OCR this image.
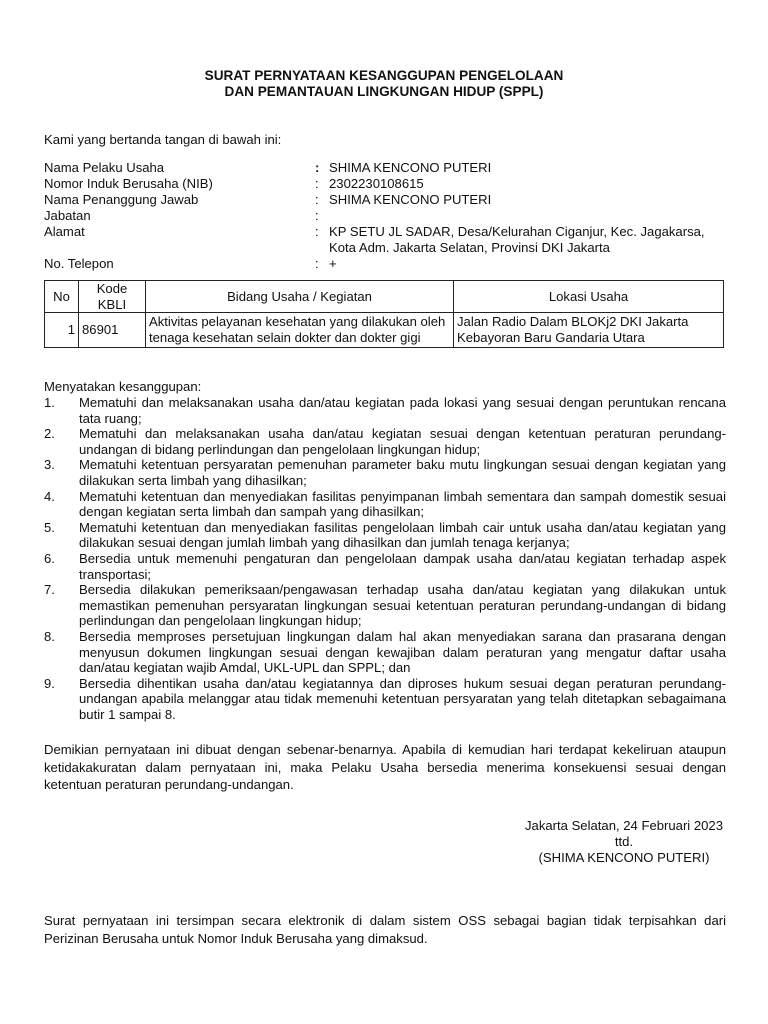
SURAT PERNYATAAN KESANGGUPAN PENGELOLAAN
DAN PEMANTAUAN LINGKUNGAN HIDUP (SPPL)
Kami yang bertanda tangan di bawah ini:
Nama Pelaku Usaha	: SHIMA KENCONO PUTERI
Nomor Induk Berusaha (NIB)	: 2302230108615
Nama Penanggung Jawab	: SHIMA KENCONO PUTERI
Jabatan	:
Alamat	: KP SETU JL SADAR, Desa/Kelurahan Ciganjur, Kec. Jagakarsa, Kota Adm. Jakarta Selatan, Provinsi DKI Jakarta
No. Telepon	: +
No	Kode KBLI	Bidang Usaha / Kegiatan	Lokasi Usaha
1	86901	Aktivitas pelayanan kesehatan yang dilakukan oleh tenaga kesehatan selain dokter dan dokter gigi	Jalan Radio Dalam BLOKj2 DKI Jakarta Kebayoran Baru Gandaria Utara
Menyatakan kesanggupan:
1. Mematuhi dan melaksanakan usaha dan/atau kegiatan pada lokasi yang sesuai dengan peruntukan rencana tata ruang;
2. Mematuhi dan melaksanakan usaha dan/atau kegiatan sesuai dengan ketentuan peraturan perundang-undangan di bidang perlindungan dan pengelolaan lingkungan hidup;
3. Mematuhi ketentuan persyaratan pemenuhan parameter baku mutu lingkungan sesuai dengan kegiatan yang dilakukan serta limbah yang dihasilkan;
4. Mematuhi ketentuan dan menyediakan fasilitas penyimpanan limbah sementara dan sampah domestik sesuai dengan kegiatan serta limbah dan sampah yang dihasilkan;
5. Mematuhi ketentuan dan menyediakan fasilitas pengelolaan limbah cair untuk usaha dan/atau kegiatan yang dilakukan sesuai dengan jumlah limbah yang dihasilkan dan jumlah tenaga kerjanya;
6. Bersedia untuk memenuhi pengaturan dan pengelolaan dampak usaha dan/atau kegiatan terhadap aspek transportasi;
7. Bersedia dilakukan pemeriksaan/pengawasan terhadap usaha dan/atau kegiatan yang dilakukan untuk memastikan pemenuhan persyaratan lingkungan sesuai ketentuan peraturan perundang-undangan di bidang perlindungan dan pengelolaan lingkungan hidup;
8. Bersedia memproses persetujuan lingkungan dalam hal akan menyediakan sarana dan prasarana dengan menyusun dokumen lingkungan sesuai dengan kewajiban dalam peraturan yang mengatur daftar usaha dan/atau kegiatan wajib Amdal, UKL-UPL dan SPPL; dan
9. Bersedia dihentikan usaha dan/atau kegiatannya dan diproses hukum sesuai degan peraturan perundang-undangan apabila melanggar atau tidak memenuhi ketentuan persyaratan yang telah ditetapkan sebagaimana butir 1 sampai 8.
Demikian pernyataan ini dibuat dengan sebenar-benarnya. Apabila di kemudian hari terdapat kekeliruan ataupun ketidakakuratan dalam pernyataan ini, maka Pelaku Usaha bersedia menerima konsekuensi sesuai dengan ketentuan peraturan perundang-undangan.
Jakarta Selatan, 24 Februari 2023
ttd.
(SHIMA KENCONO PUTERI)
Surat pernyataan ini tersimpan secara elektronik di dalam sistem OSS sebagai bagian tidak terpisahkan dari Perizinan Berusaha untuk Nomor Induk Berusaha yang dimaksud.
